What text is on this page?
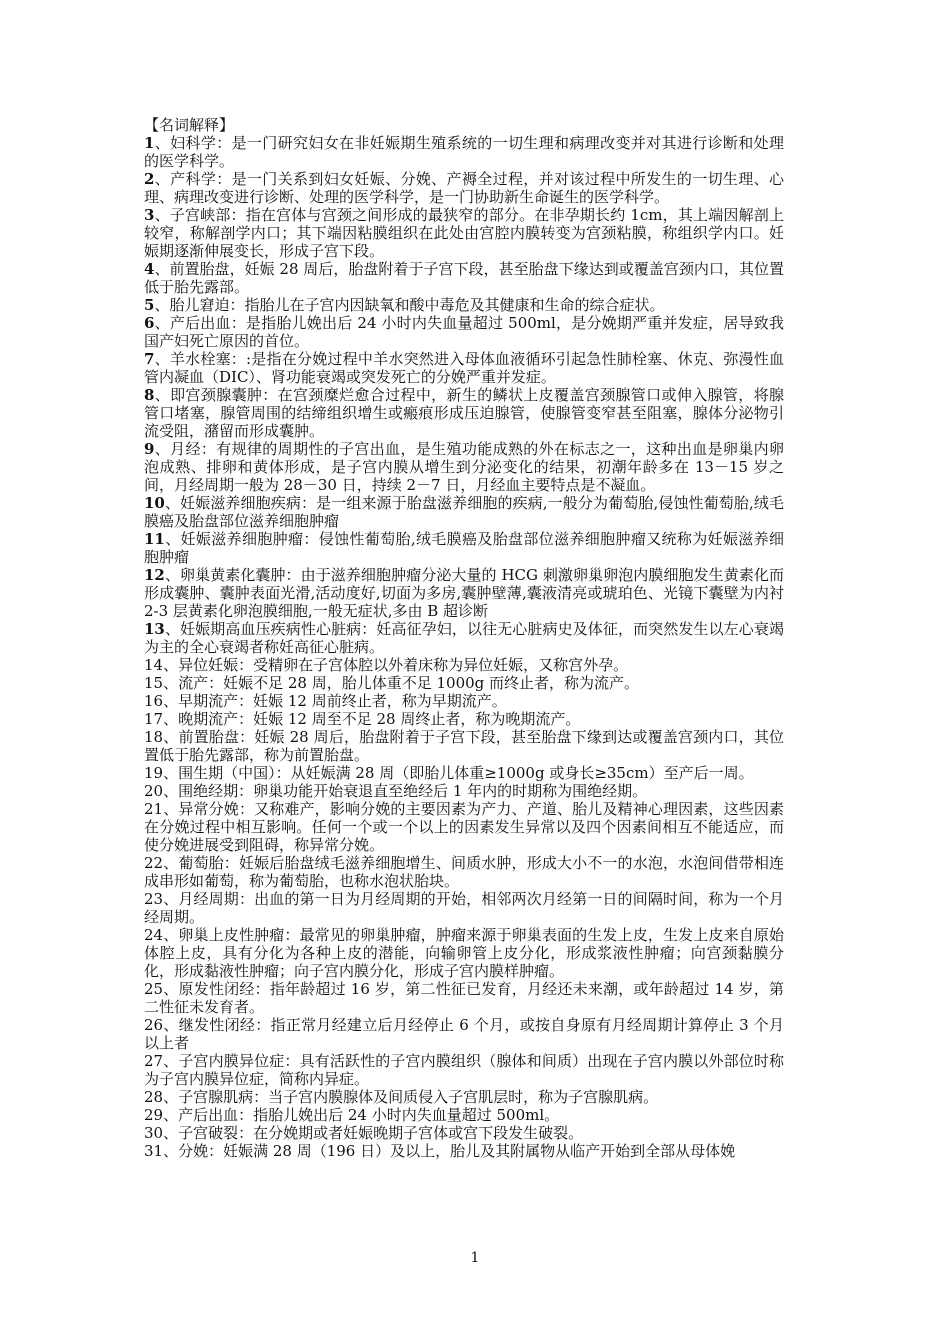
【名词解释】
1、妇科学：是一门研究妇女在非妊娠期生殖系统的一切生理和病理改变并对其进行诊断和处理的医学科学。
2、产科学：是一门关系到妇女妊娠、分娩、产褥全过程，并对该过程中所发生的一切生理、心理、病理改变进行诊断、处理的医学科学，是一门协助新生命诞生的医学科学。
3、子宫峡部：指在宫体与宫颈之间形成的最狭窄的部分。在非孕期长约 1cm，其上端因解剖上较窄，称解剖学内口；其下端因粘膜组织在此处由宫腔内膜转变为宫颈粘膜，称组织学内口。妊娠期逐渐伸展变长，形成子宫下段。
4、前置胎盘，妊娠 28 周后，胎盘附着于子宫下段，甚至胎盘下缘达到或覆盖宫颈内口，其位置低于胎先露部。
5、胎儿窘迫：指胎儿在子宫内因缺氧和酸中毒危及其健康和生命的综合症状。
6、产后出血：是指胎儿娩出后 24 小时内失血量超过 500ml，是分娩期严重并发症，居导致我国产妇死亡原因的首位。
7、羊水栓塞：:是指在分娩过程中羊水突然进入母体血液循环引起急性肺栓塞、休克、弥漫性血管内凝血（DIC）、肾功能衰竭或突发死亡的分娩严重并发症。
8、即宫颈腺囊肿：在宫颈糜烂愈合过程中，新生的鳞状上皮覆盖宫颈腺管口或伸入腺管，将腺管口堵塞，腺管周围的结缔组织增生或瘢痕形成压迫腺管，使腺管变窄甚至阻塞，腺体分泌物引流受阻，潴留而形成囊肿。
9、月经：有规律的周期性的子宫出血，是生殖功能成熟的外在标志之一，这种出血是卵巢内卵泡成熟、排卵和黄体形成，是子宫内膜从增生到分泌变化的结果，初潮年龄多在 13－15 岁之间，月经周期一般为 28－30 日，持续 2－7 日，月经血主要特点是不凝血。
10、妊娠滋养细胞疾病：是一组来源于胎盘滋养细胞的疾病,一般分为葡萄胎,侵蚀性葡萄胎,绒毛膜癌及胎盘部位滋养细胞肿瘤
11、妊娠滋养细胞肿瘤：侵蚀性葡萄胎,绒毛膜癌及胎盘部位滋养细胞肿瘤又统称为妊娠滋养细胞肿瘤
12、卵巢黄素化囊肿：由于滋养细胞肿瘤分泌大量的 HCG 刺激卵巢卵泡内膜细胞发生黄素化而形成囊肿、囊肿表面光滑,活动度好,切面为多房,囊肿壁薄,囊液清亮或琥珀色、光镜下囊壁为内衬 2-3 层黄素化卵泡膜细胞,一般无症状,多由 B 超诊断
13、妊娠期高血压疾病性心脏病：妊高征孕妇，以往无心脏病史及体征，而突然发生以左心衰竭为主的全心衰竭者称妊高征心脏病。
14、异位妊娠：受精卵在子宫体腔以外着床称为异位妊娠，又称宫外孕。
15、流产：妊娠不足 28 周，胎儿体重不足 1000g 而终止者，称为流产。
16、早期流产：妊娠 12 周前终止者，称为早期流产。
17、晚期流产：妊娠 12 周至不足 28 周终止者，称为晚期流产。
18、前置胎盘：妊娠 28 周后，胎盘附着于子宫下段，甚至胎盘下缘到达或覆盖宫颈内口，其位置低于胎先露部，称为前置胎盘。
19、围生期（中国）：从妊娠满 28 周（即胎儿体重≥1000g 或身长≥35cm）至产后一周。
20、围绝经期：卵巢功能开始衰退直至绝经后 1 年内的时期称为围绝经期。
21、异常分娩：又称难产，影响分娩的主要因素为产力、产道、胎儿及精神心理因素，这些因素在分娩过程中相互影响。任何一个或一个以上的因素发生异常以及四个因素间相互不能适应，而使分娩进展受到阻碍，称异常分娩。
22、葡萄胎：妊娠后胎盘绒毛滋养细胞增生、间质水肿，形成大小不一的水泡，水泡间借带相连成串形如葡萄，称为葡萄胎，也称水泡状胎块。
23、月经周期：出血的第一日为月经周期的开始，相邻两次月经第一日的间隔时间，称为一个月经周期。
24、卵巢上皮性肿瘤：最常见的卵巢肿瘤，肿瘤来源于卵巢表面的生发上皮，生发上皮来自原始体腔上皮，具有分化为各种上皮的潜能，向输卵管上皮分化，形成浆液性肿瘤；向宫颈黏膜分化，形成黏液性肿瘤；向子宫内膜分化，形成子宫内膜样肿瘤。
25、原发性闭经：指年龄超过 16 岁，第二性征已发育，月经还未来潮，或年龄超过 14 岁，第二性征未发育者。
26、继发性闭经：指正常月经建立后月经停止 6 个月，或按自身原有月经周期计算停止 3 个月以上者
27、子宫内膜异位症：具有活跃性的子宫内膜组织（腺体和间质）出现在子宫内膜以外部位时称为子宫内膜异位症，简称内异症。
28、子宫腺肌病：当子宫内膜腺体及间质侵入子宫肌层时，称为子宫腺肌病。
29、产后出血：指胎儿娩出后 24 小时内失血量超过 500ml。
30、子宫破裂：在分娩期或者妊娠晚期子宫体或宫下段发生破裂。
31、分娩：妊娠满 28 周（196 日）及以上，胎儿及其附属物从临产开始到全部从母体娩
1
